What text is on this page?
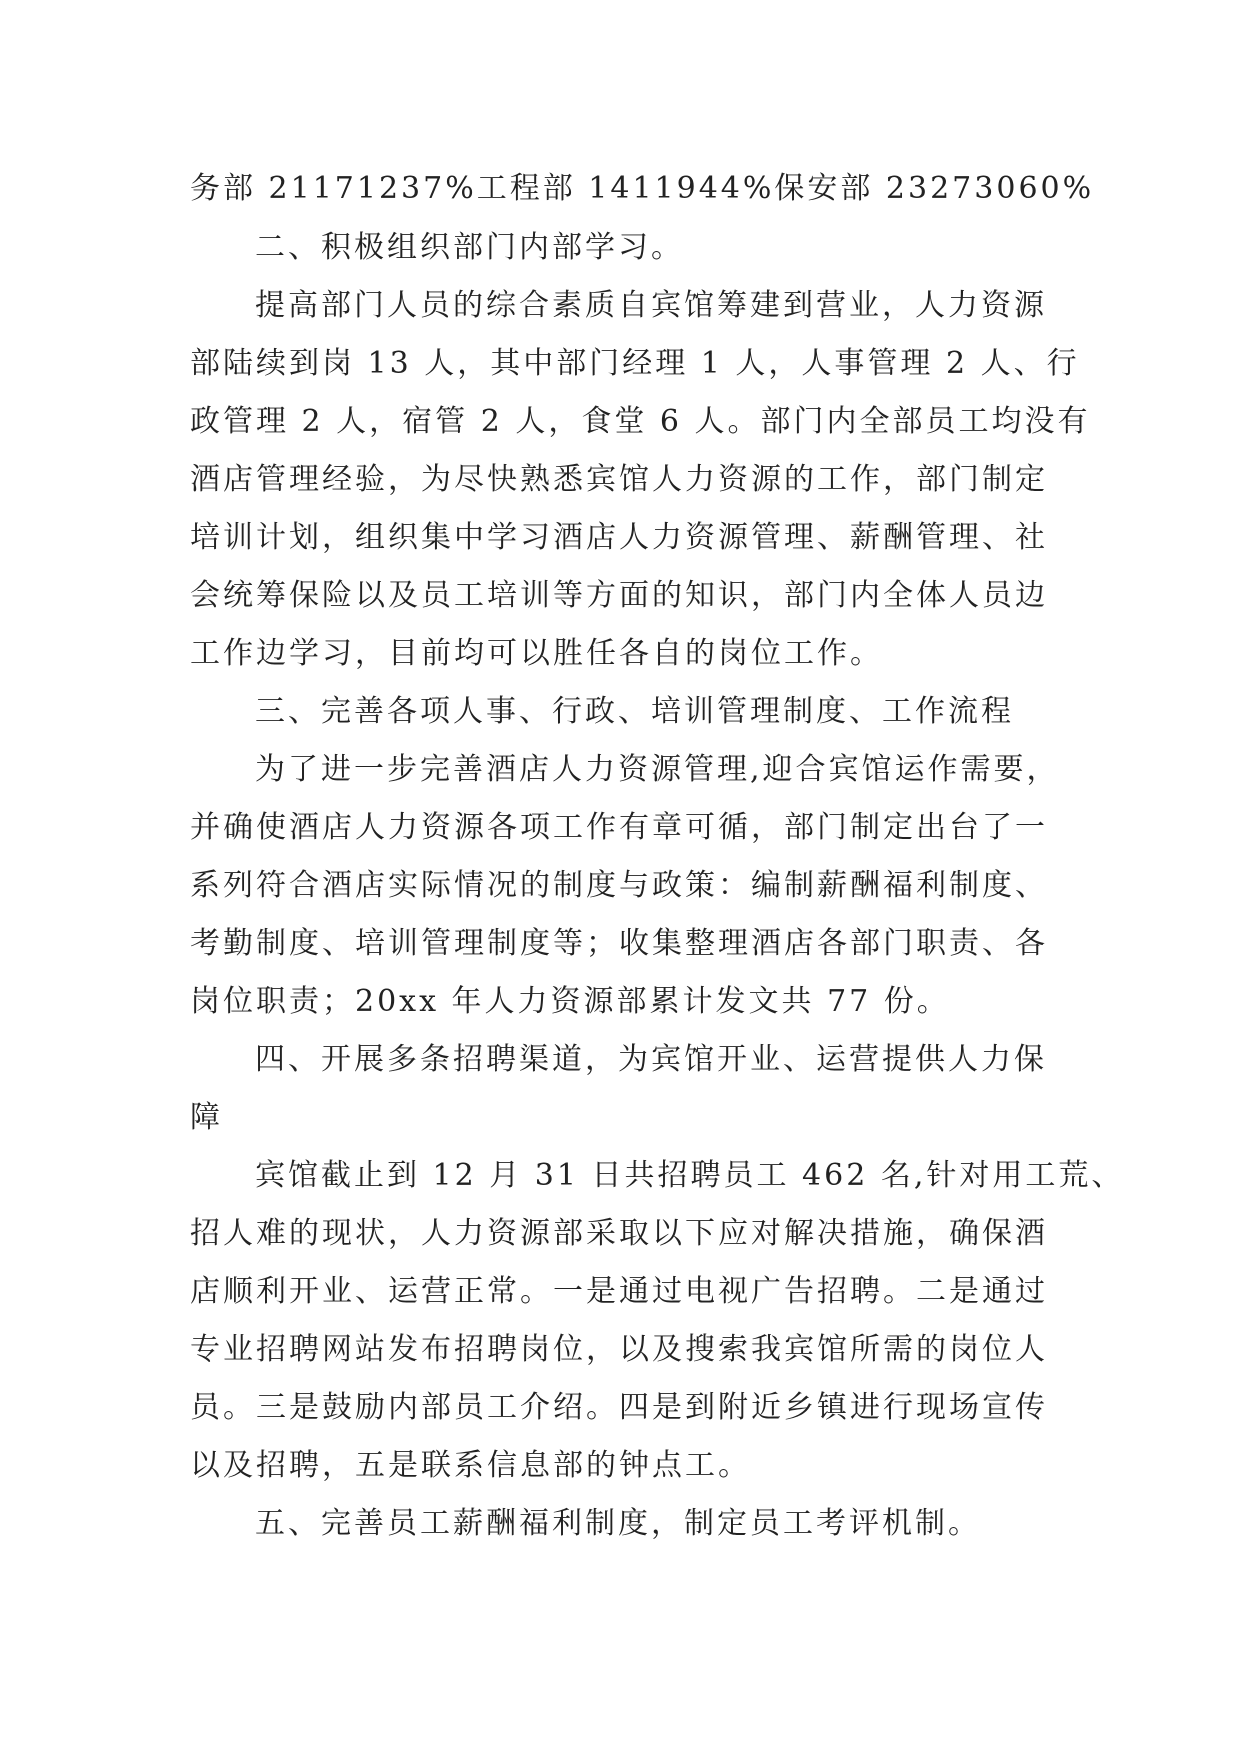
务部 21171237%工程部 1411944%保安部 23273060%
二、积极组织部门内部学习。
提高部门人员的综合素质自宾馆筹建到营业，人力资源
部陆续到岗 13 人，其中部门经理 1 人，人事管理 2 人、行
政管理 2 人，宿管 2 人，食堂 6 人。部门内全部员工均没有
酒店管理经验，为尽快熟悉宾馆人力资源的工作，部门制定
培训计划，组织集中学习酒店人力资源管理、薪酬管理、社
会统筹保险以及员工培训等方面的知识，部门内全体人员边
工作边学习，目前均可以胜任各自的岗位工作。
三、完善各项人事、行政、培训管理制度、工作流程
为了进一步完善酒店人力资源管理,迎合宾馆运作需要，
并确使酒店人力资源各项工作有章可循，部门制定出台了一
系列符合酒店实际情况的制度与政策：编制薪酬福利制度、
考勤制度、培训管理制度等；收集整理酒店各部门职责、各
岗位职责；20xx 年人力资源部累计发文共 77 份。
四、开展多条招聘渠道，为宾馆开业、运营提供人力保
障
宾馆截止到 12 月 31 日共招聘员工 462 名,针对用工荒、
招人难的现状，人力资源部采取以下应对解决措施，确保酒
店顺利开业、运营正常。一是通过电视广告招聘。二是通过
专业招聘网站发布招聘岗位，以及搜索我宾馆所需的岗位人
员。三是鼓励内部员工介绍。四是到附近乡镇进行现场宣传
以及招聘，五是联系信息部的钟点工。
五、完善员工薪酬福利制度，制定员工考评机制。
